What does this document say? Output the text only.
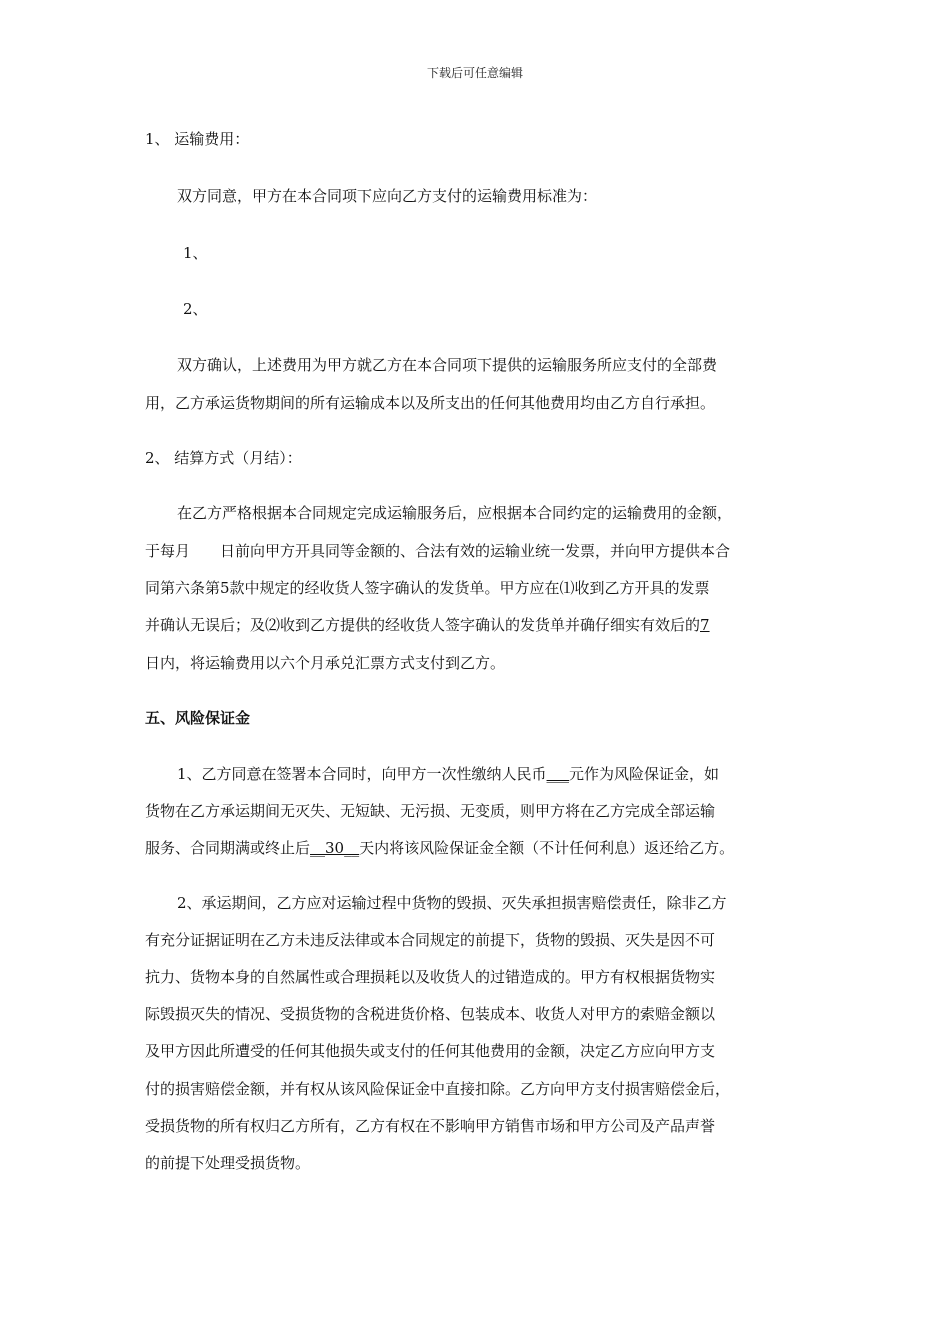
下载后可任意编辑
1、 运输费用：
双方同意，甲方在本合同项下应向乙方支付的运输费用标准为：
1、
2、
双方确认，上述费用为甲方就乙方在本合同项下提供的运输服务所应支付的全部费
用，乙方承运货物期间的所有运输成本以及所支出的任何其他费用均由乙方自行承担。
2、 结算方式（月结）：
在乙方严格根据本合同规定完成运输服务后，应根据本合同约定的运输费用的金额，
于每月 日前向甲方开具同等金额的、合法有效的运输业统一发票，并向甲方提供本合
同第六条第5款中规定的经收货人签字确认的发货单。甲方应在⑴收到乙方开具的发票
并确认无误后；及⑵收到乙方提供的经收货人签字确认的发货单并确仔细实有效后的7
日内，将运输费用以六个月承兑汇票方式支付到乙方。
五、风险保证金
1、乙方同意在签署本合同时，向甲方一次性缴纳人民币___元作为风险保证金，如
货物在乙方承运期间无灭失、无短缺、无污损、无变质，则甲方将在乙方完成全部运输
服务、合同期满或终止后__30__天内将该风险保证金全额（不计任何利息）返还给乙方。
2、承运期间，乙方应对运输过程中货物的毁损、灭失承担损害赔偿责任，除非乙方
有充分证据证明在乙方未违反法律或本合同规定的前提下，货物的毁损、灭失是因不可
抗力、货物本身的自然属性或合理损耗以及收货人的过错造成的。甲方有权根据货物实
际毁损灭失的情况、受损货物的含税进货价格、包装成本、收货人对甲方的索赔金额以
及甲方因此所遭受的任何其他损失或支付的任何其他费用的金额，决定乙方应向甲方支
付的损害赔偿金额，并有权从该风险保证金中直接扣除。乙方向甲方支付损害赔偿金后，
受损货物的所有权归乙方所有，乙方有权在不影响甲方销售市场和甲方公司及产品声誉
的前提下处理受损货物。
